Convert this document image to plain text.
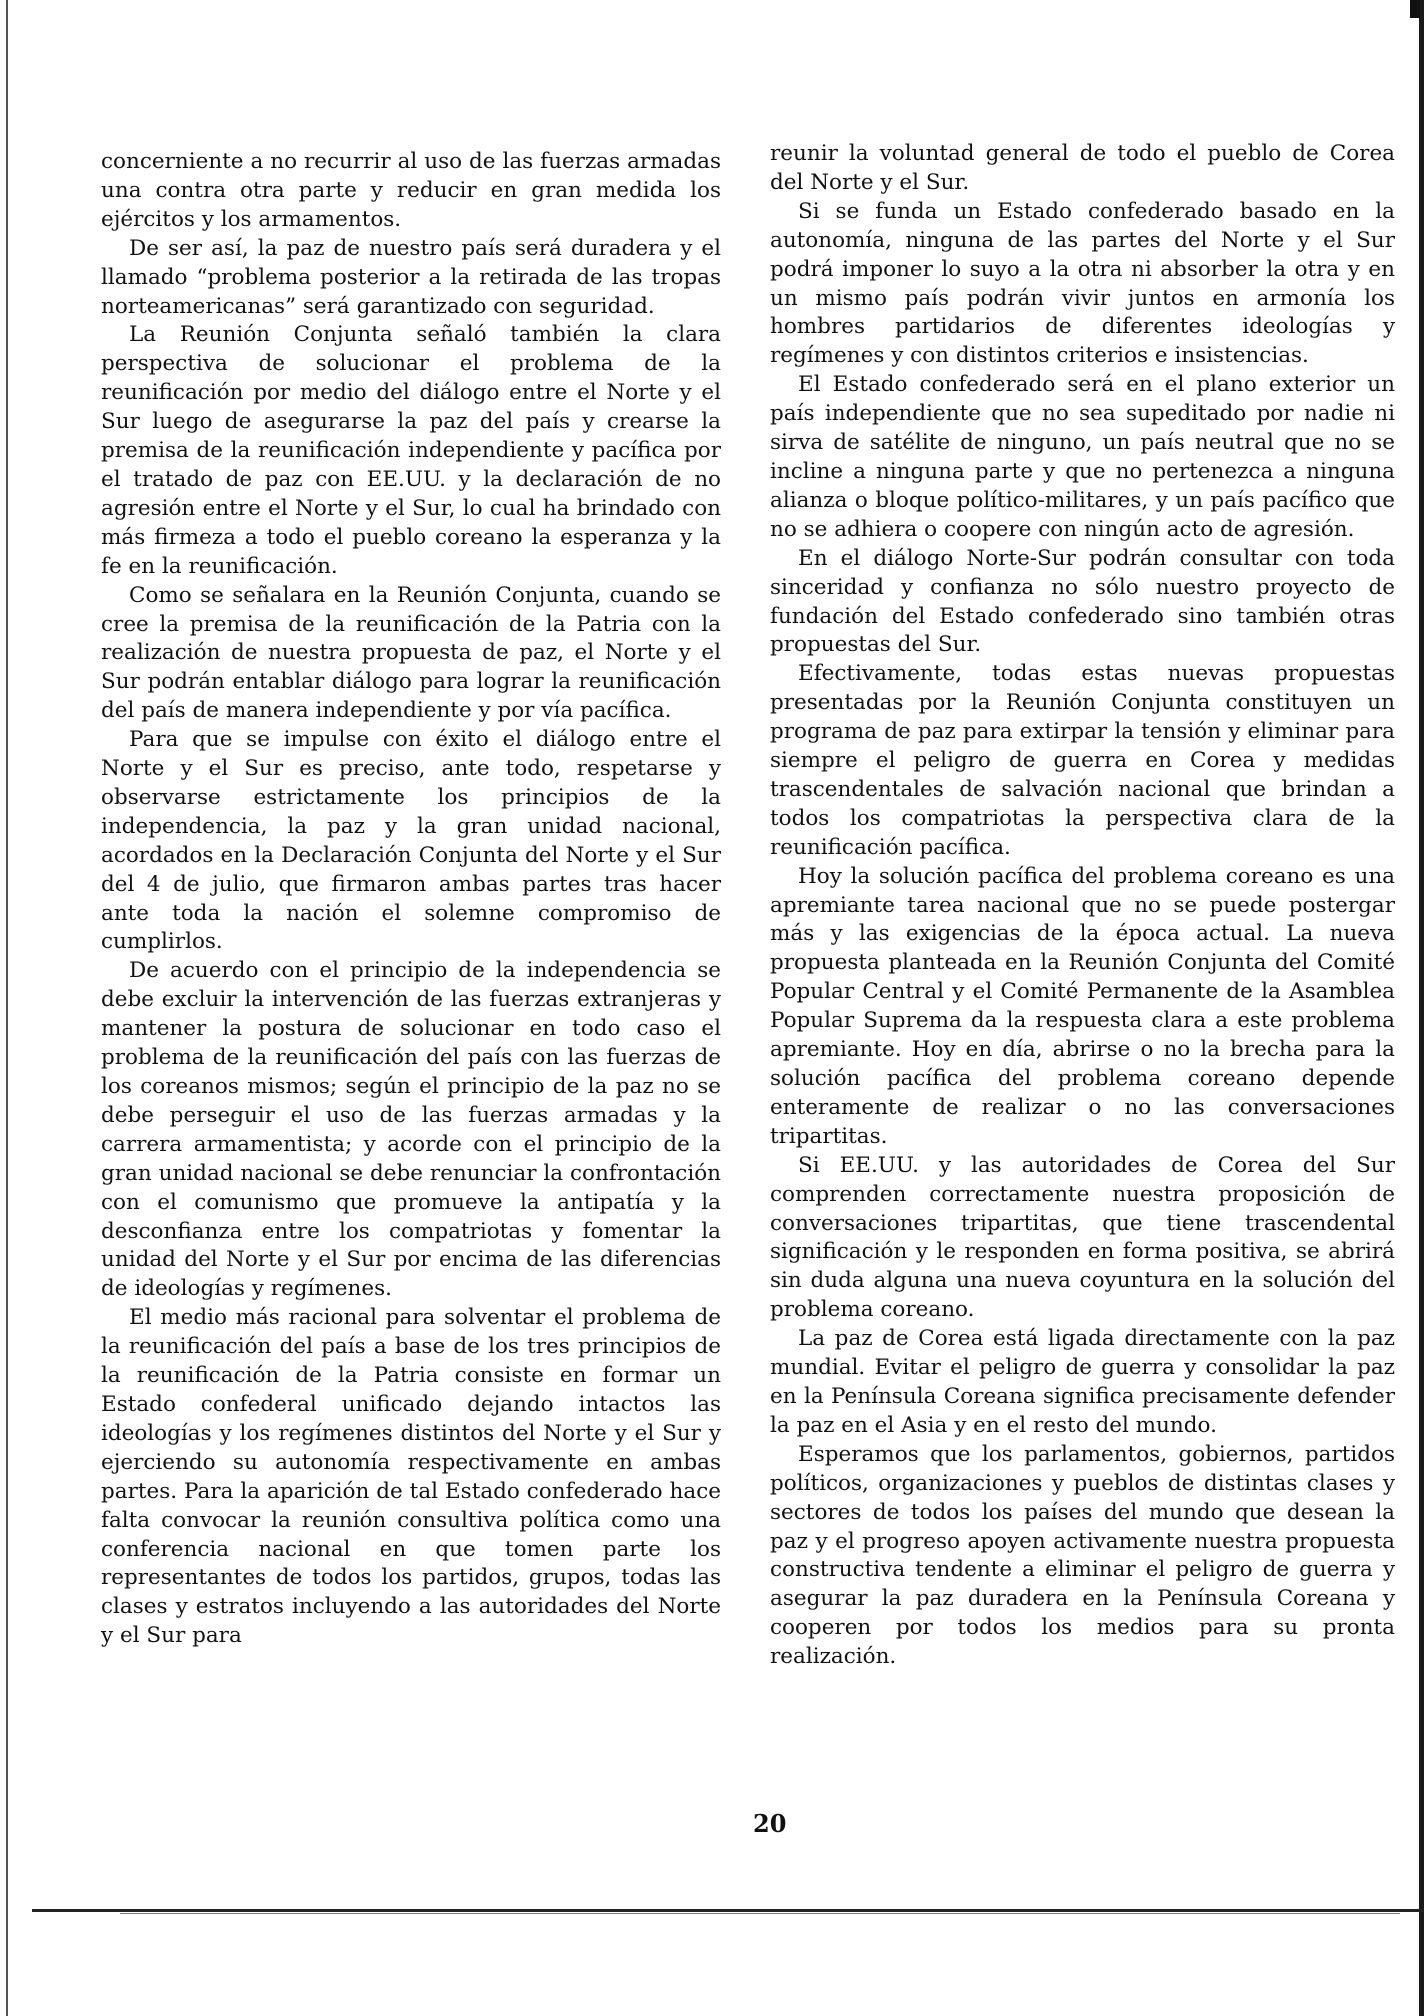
concerniente a no recurrir al uso de las fuerzas armadas una contra otra parte y reducir en gran medida los ejércitos y los armamentos.

De ser así, la paz de nuestro país será duradera y el llamado “problema posterior a la retirada de las tropas norteamericanas” será garantizado con seguridad.

La Reunión Conjunta señaló también la clara perspectiva de solucionar el problema de la reunificación por medio del diálogo entre el Norte y el Sur luego de asegurarse la paz del país y crearse la premisa de la reunificación independiente y pacífica por el tratado de paz con EE.UU. y la declaración de no agresión entre el Norte y el Sur, lo cual ha brindado con más firmeza a todo el pueblo coreano la esperanza y la fe en la reunificación.

Como se señalara en la Reunión Conjunta, cuando se cree la premisa de la reunificación de la Patria con la realización de nuestra propuesta de paz, el Norte y el Sur podrán entablar diálogo para lograr la reunificación del país de manera independiente y por vía pacífica.

Para que se impulse con éxito el diálogo entre el Norte y el Sur es preciso, ante todo, respetarse y observarse estrictamente los principios de la independencia, la paz y la gran unidad nacional, acordados en la Declaración Conjunta del Norte y el Sur del 4 de julio, que firmaron ambas partes tras hacer ante toda la nación el solemne compromiso de cumplirlos.

De acuerdo con el principio de la independencia se debe excluir la intervención de las fuerzas extranjeras y mantener la postura de solucionar en todo caso el problema de la reunificación del país con las fuerzas de los coreanos mismos; según el principio de la paz no se debe perseguir el uso de las fuerzas armadas y la carrera armamentista; y acorde con el principio de la gran unidad nacional se debe renunciar la confrontación con el comunismo que promueve la antipatía y la desconfianza entre los compatriotas y fomentar la unidad del Norte y el Sur por encima de las diferencias de ideologías y regímenes.

El medio más racional para solventar el problema de la reunificación del país a base de los tres principios de la reunificación de la Patria consiste en formar un Estado confederal unificado dejando intactos las ideologías y los regímenes distintos del Norte y el Sur y ejerciendo su autonomía respectivamente en ambas partes. Para la aparición de tal Estado confederado hace falta convocar la reunión consultiva política como una conferencia nacional en que tomen parte los representantes de todos los partidos, grupos, todas las clases y estratos incluyendo a las autoridades del Norte y el Sur para

reunir la voluntad general de todo el pueblo de Corea del Norte y el Sur.

Si se funda un Estado confederado basado en la autonomía, ninguna de las partes del Norte y el Sur podrá imponer lo suyo a la otra ni absorber la otra y en un mismo país podrán vivir juntos en armonía los hombres partidarios de diferentes ideologías y regímenes y con distintos criterios e insistencias.

El Estado confederado será en el plano exterior un país independiente que no sea supeditado por nadie ni sirva de satélite de ninguno, un país neutral que no se incline a ninguna parte y que no pertenezca a ninguna alianza o bloque político-militares, y un país pacífico que no se adhiera o coopere con ningún acto de agresión.

En el diálogo Norte-Sur podrán consultar con toda sinceridad y confianza no sólo nuestro proyecto de fundación del Estado confederado sino también otras propuestas del Sur.

Efectivamente, todas estas nuevas propuestas presentadas por la Reunión Conjunta constituyen un programa de paz para extirpar la tensión y eliminar para siempre el peligro de guerra en Corea y medidas trascendentales de salvación nacional que brindan a todos los compatriotas la perspectiva clara de la reunificación pacífica.

Hoy la solución pacífica del problema coreano es una apremiante tarea nacional que no se puede postergar más y las exigencias de la época actual. La nueva propuesta planteada en la Reunión Conjunta del Comité Popular Central y el Comité Permanente de la Asamblea Popular Suprema da la respuesta clara a este problema apremiante. Hoy en día, abrirse o no la brecha para la solución pacífica del problema coreano depende enteramente de realizar o no las conversaciones tripartitas.

Si EE.UU. y las autoridades de Corea del Sur comprenden correctamente nuestra proposición de conversaciones tripartitas, que tiene trascendental significación y le responden en forma positiva, se abrirá sin duda alguna una nueva coyuntura en la solución del problema coreano.

La paz de Corea está ligada directamente con la paz mundial. Evitar el peligro de guerra y consolidar la paz en la Península Coreana significa precisamente defender la paz en el Asia y en el resto del mundo.

Esperamos que los parlamentos, gobiernos, partidos políticos, organizaciones y pueblos de distintas clases y sectores de todos los países del mundo que desean la paz y el progreso apoyen activamente nuestra propuesta constructiva tendente a eliminar el peligro de guerra y asegurar la paz duradera en la Península Coreana y cooperen por todos los medios para su pronta realización.

20
